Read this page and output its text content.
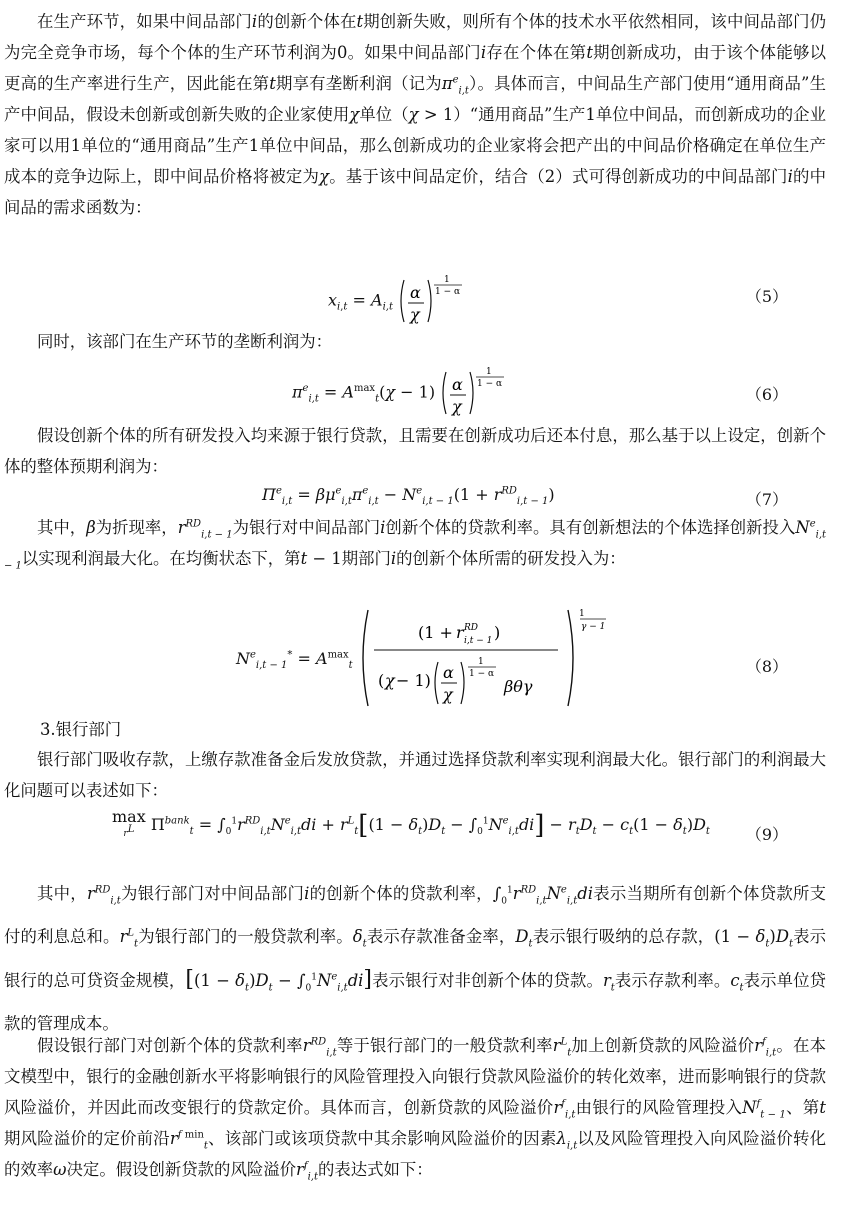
在生产环节，如果中间品部门i的创新个体在t期创新失败，则所有个体的技术水平依然相同，该中间品部门仍为完全竞争市场，每个个体的生产环节利润为0。如果中间品部门i存在个体在第t期创新成功，由于该个体能够以更高的生产率进行生产，因此能在第t期享有垄断利润（记为$\pi^e_{i,t}$）。具体而言，中间品生产部门使用“通用商品”生产中间品，假设未创新或创新失败的企业家使用χ单位（χ > 1）“通用商品”生产1单位中间品，而创新成功的企业家可以用1单位的“通用商品”生产1单位中间品，那么创新成功的企业家将会把产出的中间品价格确定在单位生产成本的竞争边际上，即中间品价格将被定为χ。基于该中间品定价，结合（2）式可得创新成功的中间品部门i的中间品的需求函数为：

$x_{i,t} = A_{i,t}$
α
χ
1
1 − α	（5）

同时，该部门在生产环节的垄断利润为：

$\pi^e_{i,t} = A^{max}_t(\chi - 1)$ α
χ
1
1 − α
（6）

假设创新个体的所有研发投入均来源于银行贷款，且需要在创新成功后还本付息，那么基于以上设定，创新个体的整体预期利润为：

$\Pi^e_{i,t} = \beta\mu^e_{i,t}\pi^e_{i,t} - N^e_{i,t - 1}(1 + r^{RD}_{i,t - 1})$	（7）

其中，β为折现率，$r^{RD}_{i,t - 1}$为银行对中间品部门i创新个体的贷款利率。具有创新想法的个体选择创新投入$N^e_{i,t - 1}$以实现利润最大化。在均衡状态下，第t − 1期部门i的创新个体所需的研发投入为：

$N^e_{i,t - 1}^* = A^{max}_t$
(1 + r RD
i,t − 1 )
( χ − 1) α
χ
1
1 − α
βθγ
1
γ − 1
（8）
3.银行部门

银行部门吸收存款，上缴存款准备金后发放贷款，并通过选择贷款利率实现利润最大化。银行部门的利润最大化问题可以表述如下：

max
$r^L$ $\Pi^{bank}_t = \int_0^1r^{RD}_{i,t}N^e_{i,t}di + r^L_t[(1 - \delta_t)D_t - \int_0^1N^e_{i,t}di] - r_tD_t - c_t(1 - \delta_t)D_t$ （9）

其中，$r^{RD}_{i,t}$为银行部门对中间品部门i的创新个体的贷款利率，$\int_0^1r^{RD}_{i,t}N^e_{i,t}di$表示当期所有创新个体贷款所支付的利息总和。$r^L_t$为银行部门的一般贷款利率。$\delta_t$表示存款准备金率，$D_t$表示银行吸纳的总存款，$(1 - \delta_t)D_t$表示银行的总可贷资金规模，$[(1 - \delta_t)D_t - \int_0^1N^e_{i,t}di]$表示银行对非创新个体的贷款。$r_t$表示存款利率。$c_t$表示单位贷款的管理成本。

假设银行部门对创新个体的贷款利率$r^{RD}_{i,t}$等于银行部门的一般贷款利率$r^L_t$加上创新贷款的风险溢价$r^f_{i,t}$。在本文模型中，银行的金融创新水平将影响银行的风险管理投入向银行贷款风险溢价的转化效率，进而影响银行的贷款风险溢价，并因此而改变银行的贷款定价。具体而言，创新贷款的风险溢价$r^f_{i,t}$由银行的风险管理投入$N^f_{t - 1}$、第t期风险溢价的定价前沿$r^{f min}_t$、该部门或该项贷款中其余影响风险溢价的因素$\lambda_{i,t}$以及风险管理投入向风险溢价转化的效率ω决定。假设创新贷款的风险溢价$r^f_{i,t}$的表达式如下：
